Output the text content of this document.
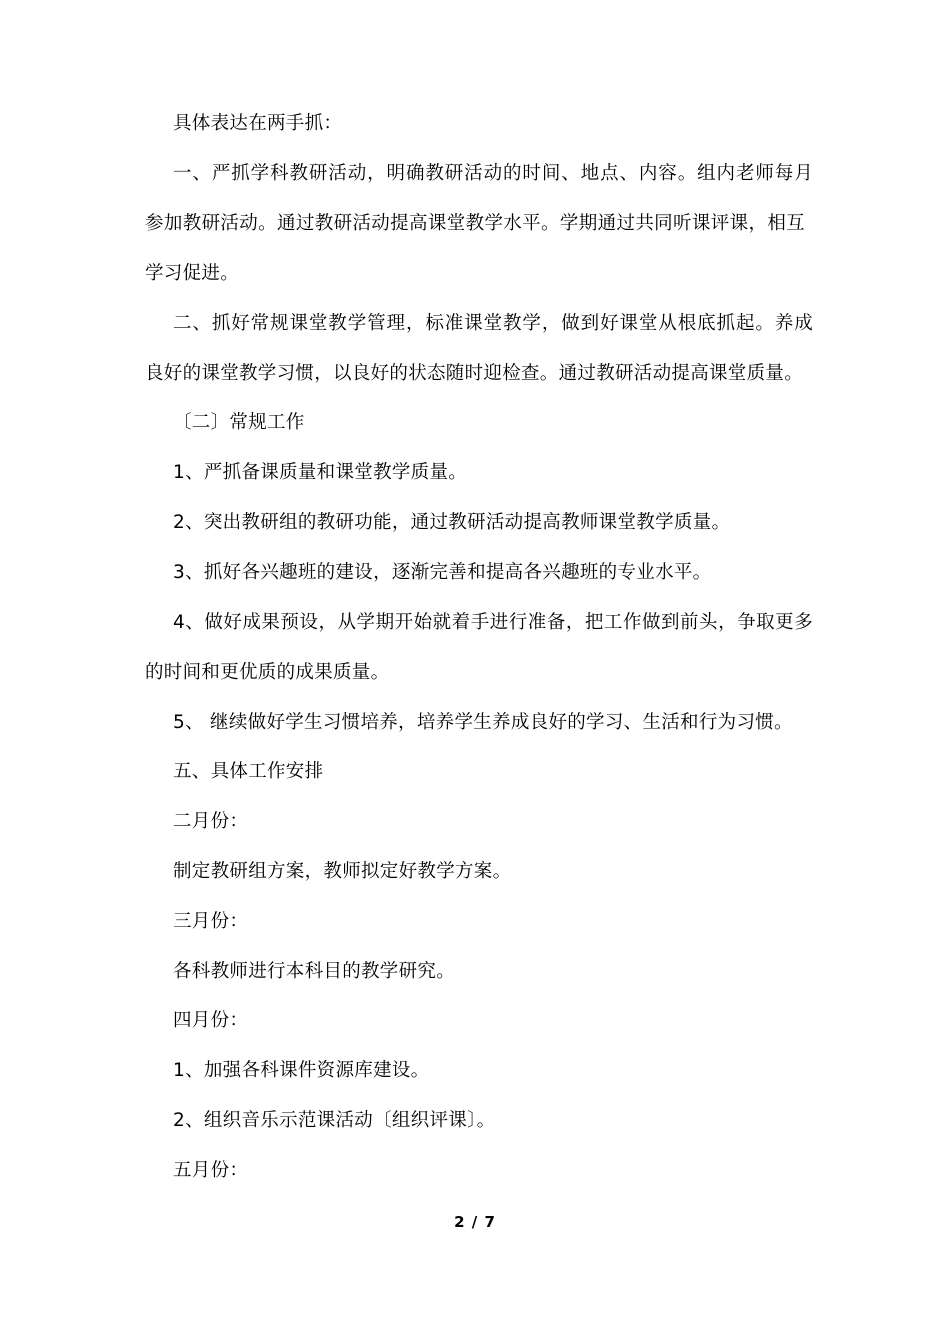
具体表达在两手抓：
一、严抓学科教研活动，明确教研活动的时间、地点、内容。组内老师每月
参加教研活动。通过教研活动提高课堂教学水平。学期通过共同听课评课，相互
学习促进。
二、抓好常规课堂教学管理，标准课堂教学，做到好课堂从根底抓起。养成
良好的课堂教学习惯，以良好的状态随时迎检查。通过教研活动提高课堂质量。
〔二〕常规工作
1、严抓备课质量和课堂教学质量。
2、突出教研组的教研功能，通过教研活动提高教师课堂教学质量。
3、抓好各兴趣班的建设，逐渐完善和提高各兴趣班的专业水平。
4、做好成果预设，从学期开始就着手进行准备，把工作做到前头，争取更多
的时间和更优质的成果质量。
5、 继续做好学生习惯培养，培养学生养成良好的学习、生活和行为习惯。
五、具体工作安排
二月份：
制定教研组方案，教师拟定好教学方案。
三月份：
各科教师进行本科目的教学研究。
四月份：
1、加强各科课件资源库建设。
2、组织音乐示范课活动〔组织评课〕。
五月份：
2 / 7
